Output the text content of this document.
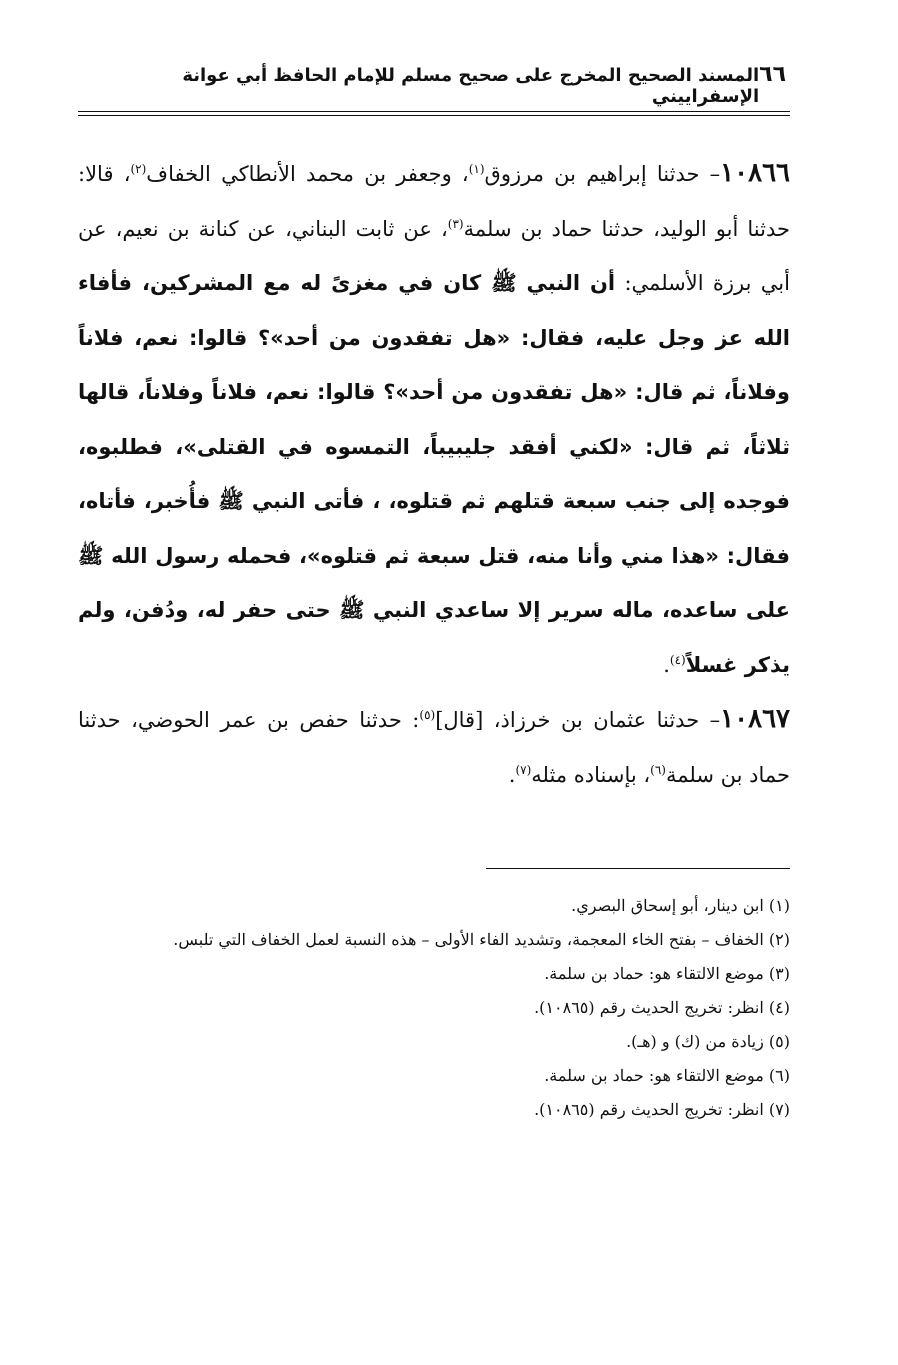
٦٦
المسند الصحيح المخرج على صحيح مسلم للإمام الحافظ أبي عوانة الإسفراييني

١٠٨٦٦– حدثنا إبراهيم بن مرزوق$^{(١)}$، وجعفر بن محمد الأنطاكي الخفاف$^{(٢)}$، قالا: حدثنا أبو الوليد، حدثنا حماد بن سلمة$^{(٣)}$، عن ثابت البناني، عن كنانة بن نعيم، عن أبي برزة الأسلمي: أن النبي ﷺ كان في مغزىً له مع المشركين، فأفاء الله عز وجل عليه، فقال: «هل تفقدون من أحد»؟ قالوا: نعم، فلاناً وفلاناً، ثم قال: «هل تفقدون من أحد»؟ قالوا: نعم، فلاناً وفلاناً، قالها ثلاثاً، ثم قال: «لكني أفقد جليبيباً، التمسوه في القتلى»، فطلبوه، فوجده إلى جنب سبعة قتلهم ثم قتلوه، ، فأتى النبي ﷺ فأُخبر، فأتاه، فقال: «هذا مني وأنا منه، قتل سبعة ثم قتلوه»، فحمله رسول الله ﷺ على ساعده، ماله سرير إلا ساعدي النبي ﷺ حتى حفر له، ودُفن، ولم يذكر غسلاً$^{(٤)}$.

١٠٨٦٧– حدثنا عثمان بن خرزاذ، [قال]$^{(٥)}$: حدثنا حفص بن عمر الحوضي، حدثنا حماد بن سلمة$^{(٦)}$، بإسناده مثله$^{(٧)}$.

(١) ابن دينار، أبو إسحاق البصري.
(٢) الخفاف – بفتح الخاء المعجمة، وتشديد الفاء الأولى – هذه النسبة لعمل الخفاف التي تلبس.
(٣) موضع الالتقاء هو: حماد بن سلمة.
(٤) انظر: تخريج الحديث رقم (١٠٨٦٥).
(٥) زيادة من (ك) و (هـ).
(٦) موضع الالتقاء هو: حماد بن سلمة.
(٧) انظر: تخريج الحديث رقم (١٠٨٦٥).
